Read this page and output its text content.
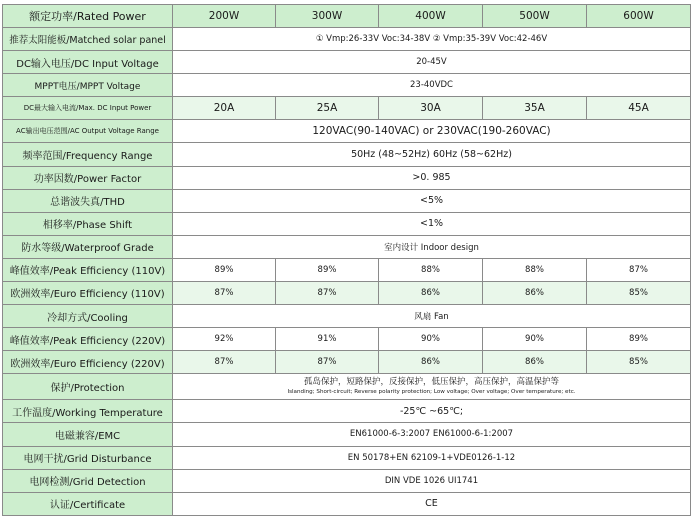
额定功率/Rated Power	200W	300W	400W	500W	600W
推荐太阳能板/Matched solar panel	① Vmp:26-33V Voc:34-38V ② Vmp:35-39V Voc:42-46V				
DC输入电压/DC Input Voltage	20-45V				
MPPT电压/MPPT Voltage	23-40VDC				
DC最大输入电流/Max. DC Input Power	20A	25A	30A	35A	45A
AC输出电压范围/AC Output Voltage Range	120VAC(90-140VAC) or 230VAC(190-260VAC)				
频率范围/Frequency Range	50Hz (48~52Hz) 60Hz (58~62Hz)				
功率因数/Power Factor	>0. 985				
总谐波失真/THD	<5%				
相移率/Phase Shift	<1%				
防水等级/Waterproof Grade	室内设计 Indoor design				
峰值效率/Peak Efficiency (110V)	89%	89%	88%	88%	87%
欧洲效率/Euro Efficiency (110V)	87%	87%	86%	86%	85%
冷却方式/Cooling	风扇 Fan				
峰值效率/Peak Efficiency (220V)	92%	91%	90%	90%	89%
欧洲效率/Euro Efficiency (220V)	87%	87%	86%	86%	85%
保护/Protection	孤岛保护，短路保护，反接保护，低压保护，高压保护，高温保护等
Islanding; Short-circuit; Reverse polarity protection; Low voltage; Over voltage; Over temperature; etc.				

工作温度/Working Temperature	-25℃ ~65℃;				
电磁兼容/EMC	EN61000-6-3:2007 EN61000-6-1:2007				
电网干扰/Grid Disturbance	EN 50178+EN 62109-1+VDE0126-1-12				
电网检测/Grid Detection	DIN VDE 1026 UI1741				
认证/Certificate	CE				
